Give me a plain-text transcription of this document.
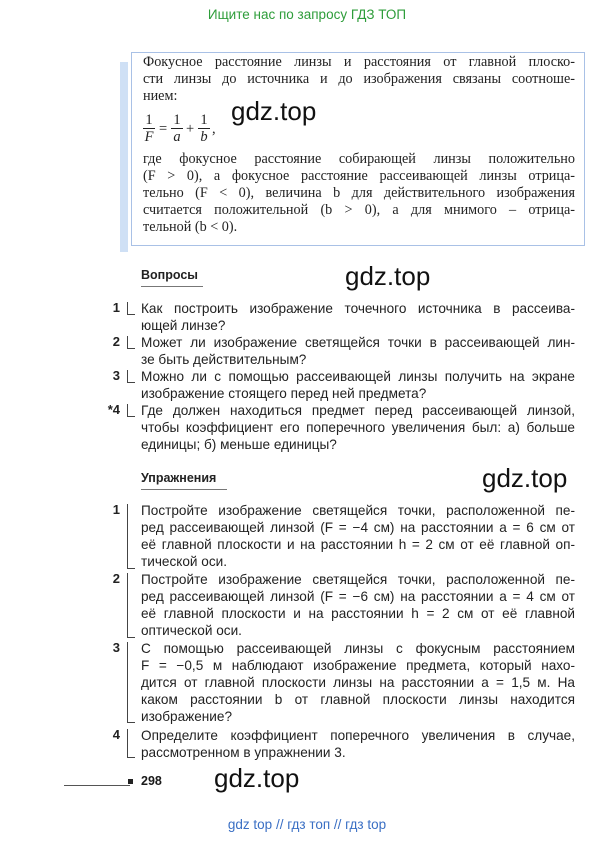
Ищите нас по запросу ГДЗ ТОП
Фокусное расстояние линзы и расстояния от главной плоско-
сти линзы до источника и до изображения связаны соотноше-
нием:
1
F =
1
a +
1
b ,
где фокусное расстояние собирающей линзы положительно
(F > 0), а фокусное расстояние рассеивающей линзы отрица-
тельно (F < 0), величина b для действительного изображения
считается положительной (b > 0), а для мнимого – отрица-
тельной (b < 0).
gdz.top
gdz.top
gdz.top
gdz.top
Вопросы
1 Как построить изображение точечного источника в рассеива-
ющей линзе?
2 Может ли изображение светящейся точки в рассеивающей лин-
зе быть действительным?
3 Можно ли с помощью рассеивающей линзы получить на экране
изображение стоящего перед ней предмета?
*4 Где должен находиться предмет перед рассеивающей линзой,
чтобы коэффициент его поперечного увеличения был: а) больше
единицы; б) меньше единицы?
Упражнения
1 Постройте изображение светящейся точки, расположенной пе-
ред рассеивающей линзой (F = −4 см) на расстоянии a = 6 см от
её главной плоскости и на расстоянии h = 2 см от её главной оп-
тической оси.
2 Постройте изображение светящейся точки, расположенной пе-
ред рассеивающей линзой (F = −6 см) на расстоянии a = 4 см от
её главной плоскости и на расстоянии h = 2 см от её главной
оптической оси.
3 С помощью рассеивающей линзы с фокусным расстоянием
F = −0,5 м наблюдают изображение предмета, который нахо-
дится от главной плоскости линзы на расстоянии a = 1,5 м. На
каком расстоянии b от главной плоскости линзы находится
изображение?
4 Определите коэффициент поперечного увеличения в случае,
рассмотренном в упражнении 3.
298
gdz top // гдз топ // гдз top
